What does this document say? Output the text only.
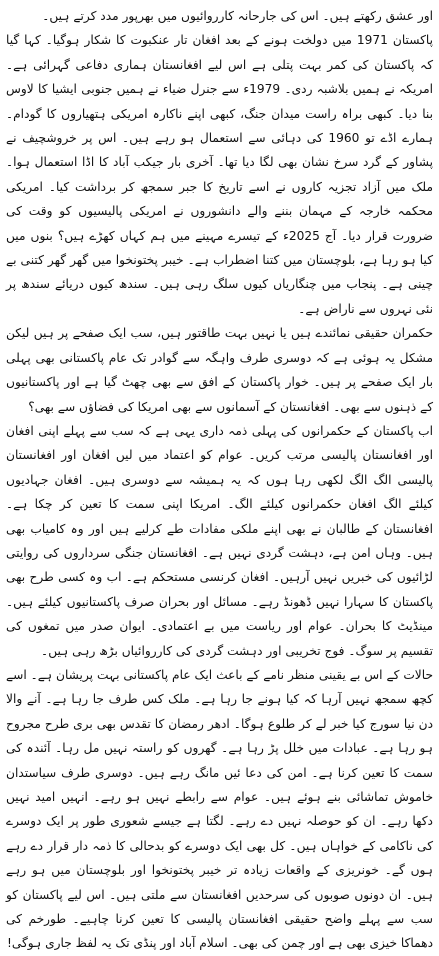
اور عشق رکھتے ہیں۔ اس کی جارحانہ کارروائیوں میں بھرپور مدد کرتے ہیں۔

پاکستان 1971 میں دولخت ہونے کے بعد افغان تار عنکبوت کا شکار ہوگیا۔ کہا گیا کہ پاکستان کی کمر بہت پتلی ہے اس لیے افغانستان ہماری دفاعی گہرائی ہے۔ امریکہ نے ہمیں بلاشبہ ردی۔ 1979ء سے جنرل ضیاء نے ہمیں جنوبی ایشیا کا لاوس بنا دیا۔ کبھی براہ راست میدان جنگ، کبھی اپنے ناکارہ امریکی ہتھیاروں کا گودام۔ ہمارے اڈے تو 1960 کی دہائی سے استعمال ہو رہے ہیں۔ اس پر خروشچیف نے پشاور کے گرد سرخ نشان بھی لگا دیا تھا۔ آخری بار جیکب آباد کا اڈا استعمال ہوا۔ ملک میں آزاد تجزیہ کاروں نے اسے تاریخ کا جبر سمجھ کر برداشت کیا۔ امریکی محکمہ خارجہ کے مہمان بننے والے دانشوروں نے امریکی پالیسیوں کو وقت کی ضرورت قرار دیا۔ آج 2025ء کے تیسرے مہینے میں ہم کہاں کھڑے ہیں؟ بنوں میں کیا ہو رہا ہے، بلوچستان میں کتنا اضطراب ہے۔ خیبر پختونخوا میں گھر گھر کتنی بے چینی ہے۔ پنجاب میں چنگاریاں کیوں سلگ رہی ہیں۔ سندھ کیوں دریائے سندھ پر نئی نہروں سے ناراض ہے۔

حکمران حقیقی نمائندے ہیں یا نہیں بہت طاقتور ہیں، سب ایک صفحے پر ہیں لیکن مشکل یہ ہوئی ہے کہ دوسری طرف واہگہ سے گوادر تک عام پاکستانی بھی پہلی بار ایک صفحے پر ہیں۔ خوار پاکستان کے افق سے بھی چھٹ گیا ہے اور پاکستانیوں کے ذہنوں سے بھی۔ افغانستان کے آسمانوں سے بھی امریکا کی فضاؤں سے بھی؟

اب پاکستان کے حکمرانوں کی پہلی ذمہ داری یہی ہے کہ سب سے پہلے اپنی افغان اور افغانستان پالیسی مرتب کریں۔ عوام کو اعتماد میں لیں افغان اور افغانستان پالیسی الگ الگ لکھی رہا ہوں کہ یہ ہمیشہ سے دوسری ہیں۔ افغان جہادیوں کیلئے الگ افغان حکمرانوں کیلئے الگ۔ امریکا اپنی سمت کا تعین کر چکا ہے۔ افغانستان کے طالبان نے بھی اپنے ملکی مفادات طے کرلیے ہیں اور وہ کامیاب بھی ہیں۔ وہاں امن ہے، دہشت گردی نہیں ہے۔ افغانستان جنگی سرداروں کی روایتی لڑائیوں کی خبریں نہیں آرہیں۔ افغان کرنسی مستحکم ہے۔ اب وہ کسی طرح بھی پاکستان کا سہارا نہیں ڈھونڈ رہے۔ مسائل اور بحران صرف پاکستانیوں کیلئے ہیں۔ مینڈیٹ کا بحران۔ عوام اور ریاست میں بے اعتمادی۔ ایوان صدر میں تمغوں کی تقسیم پر سوگ۔ فوج تخریبی اور دہشت گردی کی کارروائیاں بڑھ رہی ہیں۔

حالات کے اس بے یقینی منظر نامے کے باعث ایک عام پاکستانی بہت پریشان ہے۔ اسے کچھ سمجھ نہیں آرہا کہ کیا ہونے جا رہا ہے۔ ملک کس طرف جا رہا ہے۔ آنے والا دن نیا سورج کیا خبر لے کر طلوع ہوگا۔ ادھر رمضان کا تقدس بھی بری طرح مجروح ہو رہا ہے۔ عبادات میں خلل پڑ رہا ہے۔ گھروں کو راستہ نہیں مل رہا۔ آئندہ کی سمت کا تعین کرنا ہے۔ امن کی دعا ئیں مانگ رہے ہیں۔ دوسری طرف سیاستدان خاموش تماشائی بنے ہوئے ہیں۔ عوام سے رابطے نہیں ہو رہے۔ انہیں امید نہیں دکھا رہے۔ ان کو حوصلہ نہیں دے رہے۔ لگتا ہے جیسے شعوری طور پر ایک دوسرے کی ناکامی کے خواہاں ہیں۔ کل بھی ایک دوسرے کو بدحالی کا ذمہ دار قرار دے رہے ہوں گے۔ خونریزی کے واقعات زیادہ تر خیبر پختونخوا اور بلوچستان میں ہو رہے ہیں۔ ان دونوں صوبوں کی سرحدیں افغانستان سے ملتی ہیں۔ اس لیے پاکستان کو سب سے پہلے واضح حقیقی افغانستان پالیسی کا تعین کرنا چاہیے۔ طورخم کی دھماکا خیزی بھی ہے اور چمن کی بھی۔ اسلام آباد اور پنڈی تک یہ لفظ جاری ہوگی!
